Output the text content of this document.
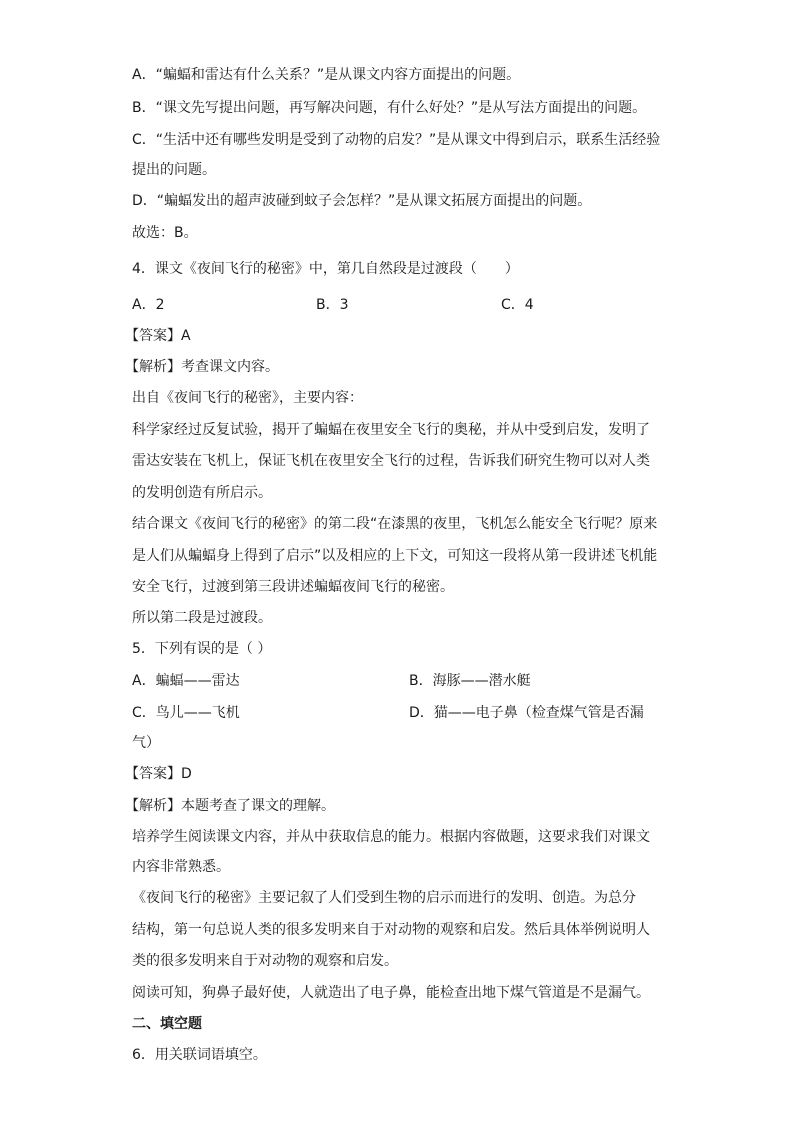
A．“蝙蝠和雷达有什么关系？”是从课文内容方面提出的问题。
B．“课文先写提出问题，再写解决问题，有什么好处？”是从写法方面提出的问题。
C．“生活中还有哪些发明是受到了动物的启发？”是从课文中得到启示，联系生活经验
提出的问题。
D．“蝙蝠发出的超声波碰到蚊子会怎样？”是从课文拓展方面提出的问题。
故选：B。
4．课文《夜间飞行的秘密》中，第几自然段是过渡段（　　）
A．2	B．3	C．4
【答案】A
【解析】考查课文内容。
出自《夜间飞行的秘密》，主要内容：
科学家经过反复试验，揭开了蝙蝠在夜里安全飞行的奥秘，并从中受到启发，发明了
雷达安装在飞机上，保证飞机在夜里安全飞行的过程，告诉我们研究生物可以对人类
的发明创造有所启示。
结合课文《夜间飞行的秘密》的第二段“在漆黑的夜里，飞机怎么能安全飞行呢？原来
是人们从蝙蝠身上得到了启示”以及相应的上下文，可知这一段将从第一段讲述飞机能
安全飞行，过渡到第三段讲述蝙蝠夜间飞行的秘密。
所以第二段是过渡段。
5．下列有误的是（ ）
A．蝙蝠——雷达	B．海豚——潜水艇
C．鸟儿——飞机	D．猫——电子鼻（检查煤气管是否漏
气）
【答案】D
【解析】本题考查了课文的理解。
培养学生阅读课文内容，并从中获取信息的能力。根据内容做题，这要求我们对课文
内容非常熟悉。
《夜间飞行的秘密》主要记叙了人们受到生物的启示而进行的发明、创造。为总分
结构，第一句总说人类的很多发明来自于对动物的观察和启发。然后具体举例说明人
类的很多发明来自于对动物的观察和启发。
阅读可知，狗鼻子最好使，人就造出了电子鼻，能检查出地下煤气管道是不是漏气。
二、填空题
6．用关联词语填空。
